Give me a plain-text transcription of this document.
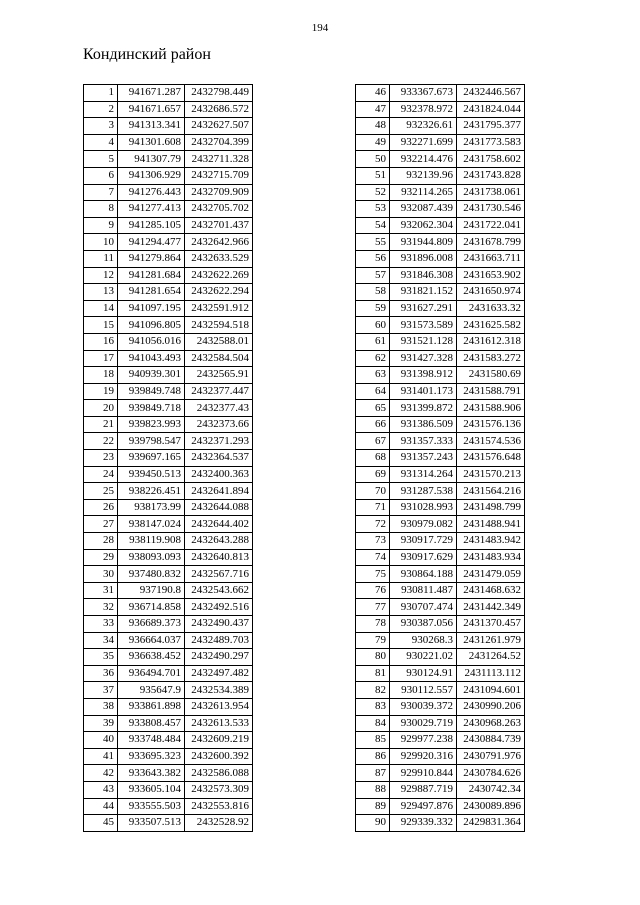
194
Кондинский район
1	941671.287	2432798.449
2	941671.657	2432686.572
3	941313.341	2432627.507
4	941301.608	2432704.399
5	941307.79	2432711.328
6	941306.929	2432715.709
7	941276.443	2432709.909
8	941277.413	2432705.702
9	941285.105	2432701.437
10	941294.477	2432642.966
11	941279.864	2432633.529
12	941281.684	2432622.269
13	941281.654	2432622.294
14	941097.195	2432591.912
15	941096.805	2432594.518
16	941056.016	2432588.01
17	941043.493	2432584.504
18	940939.301	2432565.91
19	939849.748	2432377.447
20	939849.718	2432377.43
21	939823.993	2432373.66
22	939798.547	2432371.293
23	939697.165	2432364.537
24	939450.513	2432400.363
25	938226.451	2432641.894
26	938173.99	2432644.088
27	938147.024	2432644.402
28	938119.908	2432643.288
29	938093.093	2432640.813
30	937480.832	2432567.716
31	937190.8	2432543.662
32	936714.858	2432492.516
33	936689.373	2432490.437
34	936664.037	2432489.703
35	936638.452	2432490.297
36	936494.701	2432497.482
37	935647.9	2432534.389
38	933861.898	2432613.954
39	933808.457	2432613.533
40	933748.484	2432609.219
41	933695.323	2432600.392
42	933643.382	2432586.088
43	933605.104	2432573.309
44	933555.503	2432553.816
45	933507.513	2432528.92
46	933367.673	2432446.567
47	932378.972	2431824.044
48	932326.61	2431795.377
49	932271.699	2431773.583
50	932214.476	2431758.602
51	932139.96	2431743.828
52	932114.265	2431738.061
53	932087.439	2431730.546
54	932062.304	2431722.041
55	931944.809	2431678.799
56	931896.008	2431663.711
57	931846.308	2431653.902
58	931821.152	2431650.974
59	931627.291	2431633.32
60	931573.589	2431625.582
61	931521.128	2431612.318
62	931427.328	2431583.272
63	931398.912	2431580.69
64	931401.173	2431588.791
65	931399.872	2431588.906
66	931386.509	2431576.136
67	931357.333	2431574.536
68	931357.243	2431576.648
69	931314.264	2431570.213
70	931287.538	2431564.216
71	931028.993	2431498.799
72	930979.082	2431488.941
73	930917.729	2431483.942
74	930917.629	2431483.934
75	930864.188	2431479.059
76	930811.487	2431468.632
77	930707.474	2431442.349
78	930387.056	2431370.457
79	930268.3	2431261.979
80	930221.02	2431264.52
81	930124.91	2431113.112
82	930112.557	2431094.601
83	930039.372	2430990.206
84	930029.719	2430968.263
85	929977.238	2430884.739
86	929920.316	2430791.976
87	929910.844	2430784.626
88	929887.719	2430742.34
89	929497.876	2430089.896
90	929339.332	2429831.364
